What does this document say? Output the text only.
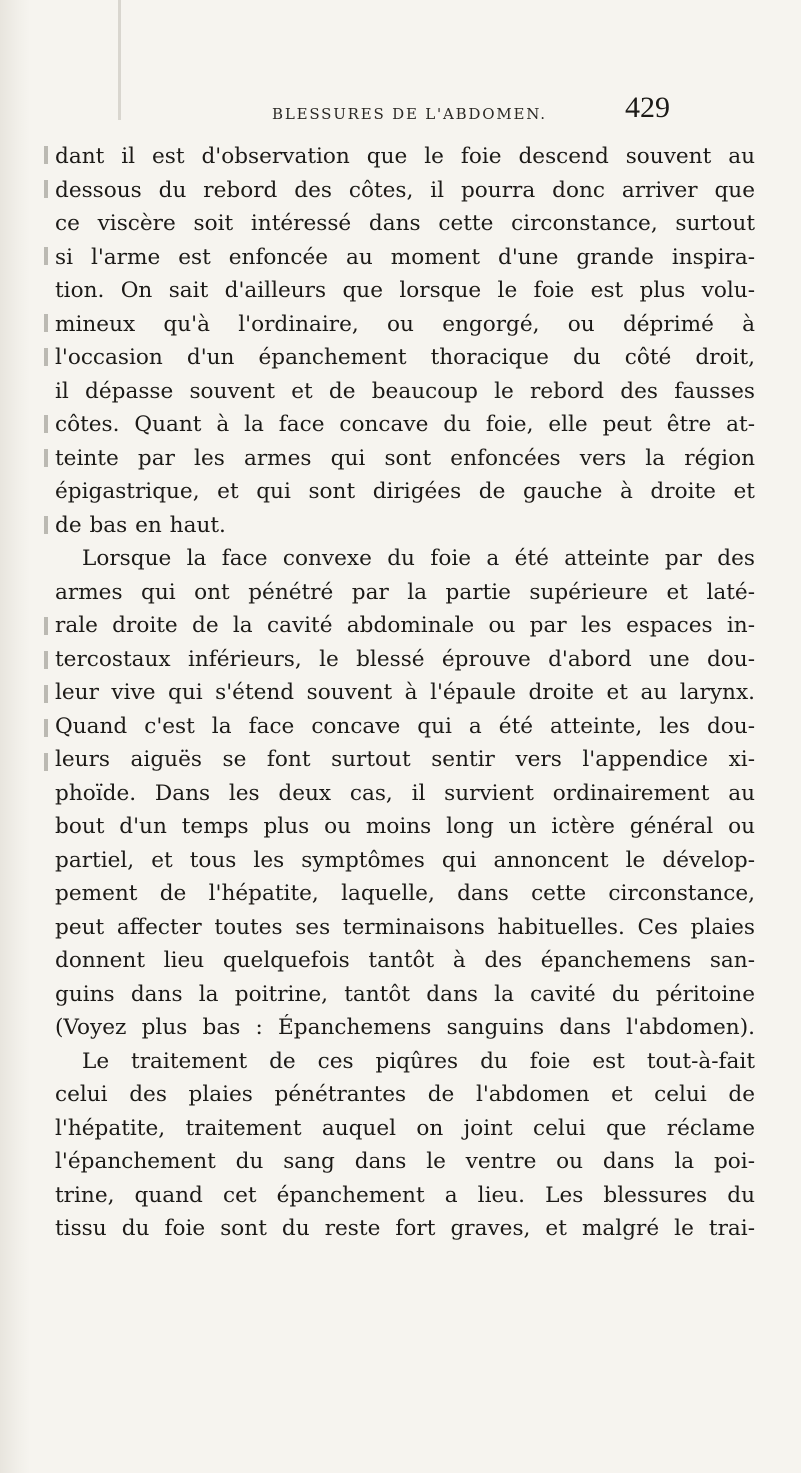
BLESSURES DE L'ABDOMEN.	429
dant il est d'observation que le foie descend souvent au
dessous du rebord des côtes, il pourra donc arriver que
ce viscère soit intéressé dans cette circonstance, surtout
si l'arme est enfoncée au moment d'une grande inspira-
tion. On sait d'ailleurs que lorsque le foie est plus volu-
mineux qu'à l'ordinaire, ou engorgé, ou déprimé à
l'occasion d'un épanchement thoracique du côté droit,
il dépasse souvent et de beaucoup le rebord des fausses
côtes. Quant à la face concave du foie, elle peut être at-
teinte par les armes qui sont enfoncées vers la région
épigastrique, et qui sont dirigées de gauche à droite et
de bas en haut.
Lorsque la face convexe du foie a été atteinte par des
armes qui ont pénétré par la partie supérieure et laté-
rale droite de la cavité abdominale ou par les espaces in-
tercostaux inférieurs, le blessé éprouve d'abord une dou-
leur vive qui s'étend souvent à l'épaule droite et au larynx.
Quand c'est la face concave qui a été atteinte, les dou-
leurs aiguës se font surtout sentir vers l'appendice xi-
phoïde. Dans les deux cas, il survient ordinairement au
bout d'un temps plus ou moins long un ictère général ou
partiel, et tous les symptômes qui annoncent le dévelop-
pement de l'hépatite, laquelle, dans cette circonstance,
peut affecter toutes ses terminaisons habituelles. Ces plaies
donnent lieu quelquefois tantôt à des épanchemens san-
guins dans la poitrine, tantôt dans la cavité du péritoine
(Voyez plus bas : Épanchemens sanguins dans l'abdomen).
Le traitement de ces piqûres du foie est tout-à-fait
celui des plaies pénétrantes de l'abdomen et celui de
l'hépatite, traitement auquel on joint celui que réclame
l'épanchement du sang dans le ventre ou dans la poi-
trine, quand cet épanchement a lieu. Les blessures du
tissu du foie sont du reste fort graves, et malgré le trai-
